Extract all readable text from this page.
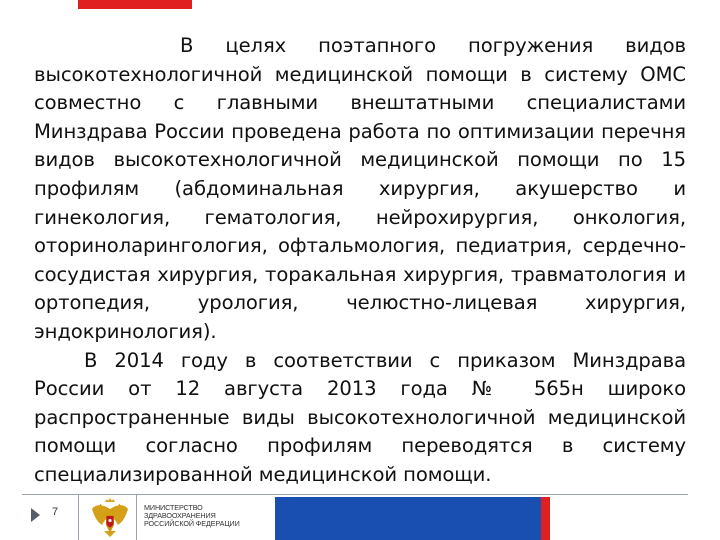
В целях поэтапного погружения видов высокотехнологичной медицинской помощи в систему ОМС совместно с главными внештатными специалистами Минздрава России проведена работа по оптимизации перечня видов высокотехнологичной медицинской помощи по 15 профилям (абдоминальная хирургия, акушерство и гинекология, гематология, нейрохирургия, онкология, оториноларингология, офтальмология, педиатрия, сердечно-сосудистая хирургия, торакальная хирургия, травматология и ортопедия, урология, челюстно-лицевая хирургия, эндокринология).

В 2014 году в соответствии с приказом Минздрава России от 12 августа 2013 года № 565н широко распространенные виды высокотехнологичной медицинской помощи согласно профилям переводятся в систему специализированной медицинской помощи.

7	МИНИСТЕРСТВО
ЗДРАВООХРАНЕНИЯ
РОССИЙСКОЙ ФЕДЕРАЦИИ
